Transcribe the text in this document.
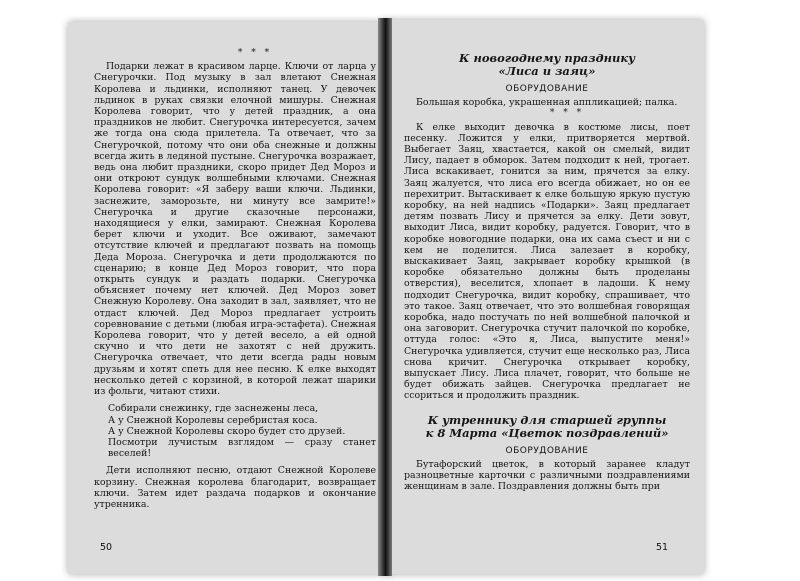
* * *

Подарки лежат в красивом ларце. Ключи от ларца у Снегурочки. Под музыку в зал влетают Снежная Королева и льдинки, исполняют танец. У девочек льдинок в руках связки елочной мишуры. Снежная Королева говорит, что у детей праздник, а она праздников не любит. Снегурочка интересуется, зачем же тогда она сюда прилетела. Та отвечает, что за Снегурочкой, потому что они оба снежные и должны всегда жить в ледяной пустыне. Снегурочка возражает, ведь она любит праздники, скоро придет Дед Мороз и они откроют сундук волшебными ключами. Снежная Королева говорит: «Я заберу ваши ключи. Льдинки, заснежите, заморозьте, ни минуту все замрите!» Снегурочка и другие сказочные персонажи, находящиеся у елки, замирают. Снежная Королева берет ключи и уходит. Все оживают, замечают отсутствие ключей и предлагают позвать на помощь Деда Мороза. Снегурочка и дети продолжаются по сценарию; в конце Дед Мороз говорит, что пора открыть сундук и раздать подарки. Снегурочка объясняет почему нет ключей. Дед Мороз зовет Снежную Королеву. Она заходит в зал, заявляет, что не отдаст ключей. Дед Мороз предлагает устроить соревнование с детьми (любая игра-эстафета). Снежная Королева говорит, что у детей весело, а ей одной скучно и что дети не захотят с ней дружить. Снегурочка отвечает, что дети всегда рады новым друзьям и хотят спеть для нее песню. К елке выходят несколько детей с корзиной, в которой лежат шарики из фольги, читают стихи.

Собирали снежинку, где заснежены леса,
А у Снежной Королевы серебристая коса.
А у Снежной Королевы скоро будет сто друзей.
Посмотри лучистым взглядом — сразу станет веселей!

Дети исполняют песню, отдают Снежной Королеве корзину. Снежная королева благодарит, возвращает ключи. Затем идет раздача подарков и окончание утренника.

50
К новогоднему празднику
«Лиса и заяц»
ОБОРУДОВАНИЕ

Большая коробка, украшенная аппликацией; палка.

* * *

К елке выходит девочка в костюме лисы, поет песенку. Ложится у елки, притворяется мертвой. Выбегает Заяц, хвастается, какой он смелый, видит Лису, падает в обморок. Затем подходит к ней, трогает. Лиса вскакивает, гонится за ним, прячется за елку. Заяц жалуется, что лиса его всегда обижает, но он ее перехитрит. Вытаскивает к елке большую яркую пустую коробку, на ней надпись «Подарки». Заяц предлагает детям позвать Лису и прячется за елку. Дети зовут, выходит Лиса, видит коробку, радуется. Говорит, что в коробке новогодние подарки, она их сама съест и ни с кем не поделится. Лиса залезает в коробку, выскакивает Заяц, закрывает коробку крышкой (в коробке обязательно должны быть проделаны отверстия), веселится, хлопает в ладоши. К нему подходит Снегурочка, видит коробку, спрашивает, что это такое. Заяц отвечает, что это волшебная говорящая коробка, надо постучать по ней волшебной палочкой и она заговорит. Снегурочка стучит палочкой по коробке, оттуда голос: «Это я, Лиса, выпустите меня!» Снегурочка удивляется, стучит еще несколько раз, Лиса снова кричит. Снегурочка открывает коробку, выпускает Лису. Лиса плачет, говорит, что больше не будет обижать зайцев. Снегурочка предлагает не ссориться и продолжить праздник.

К утреннику для старшей группы
к 8 Марта «Цветок поздравлений»
ОБОРУДОВАНИЕ

Бутафорский цветок, в который заранее кладут разноцветные карточки с различными поздравлениями женщинам в зале. Поздравления должны быть при

51
